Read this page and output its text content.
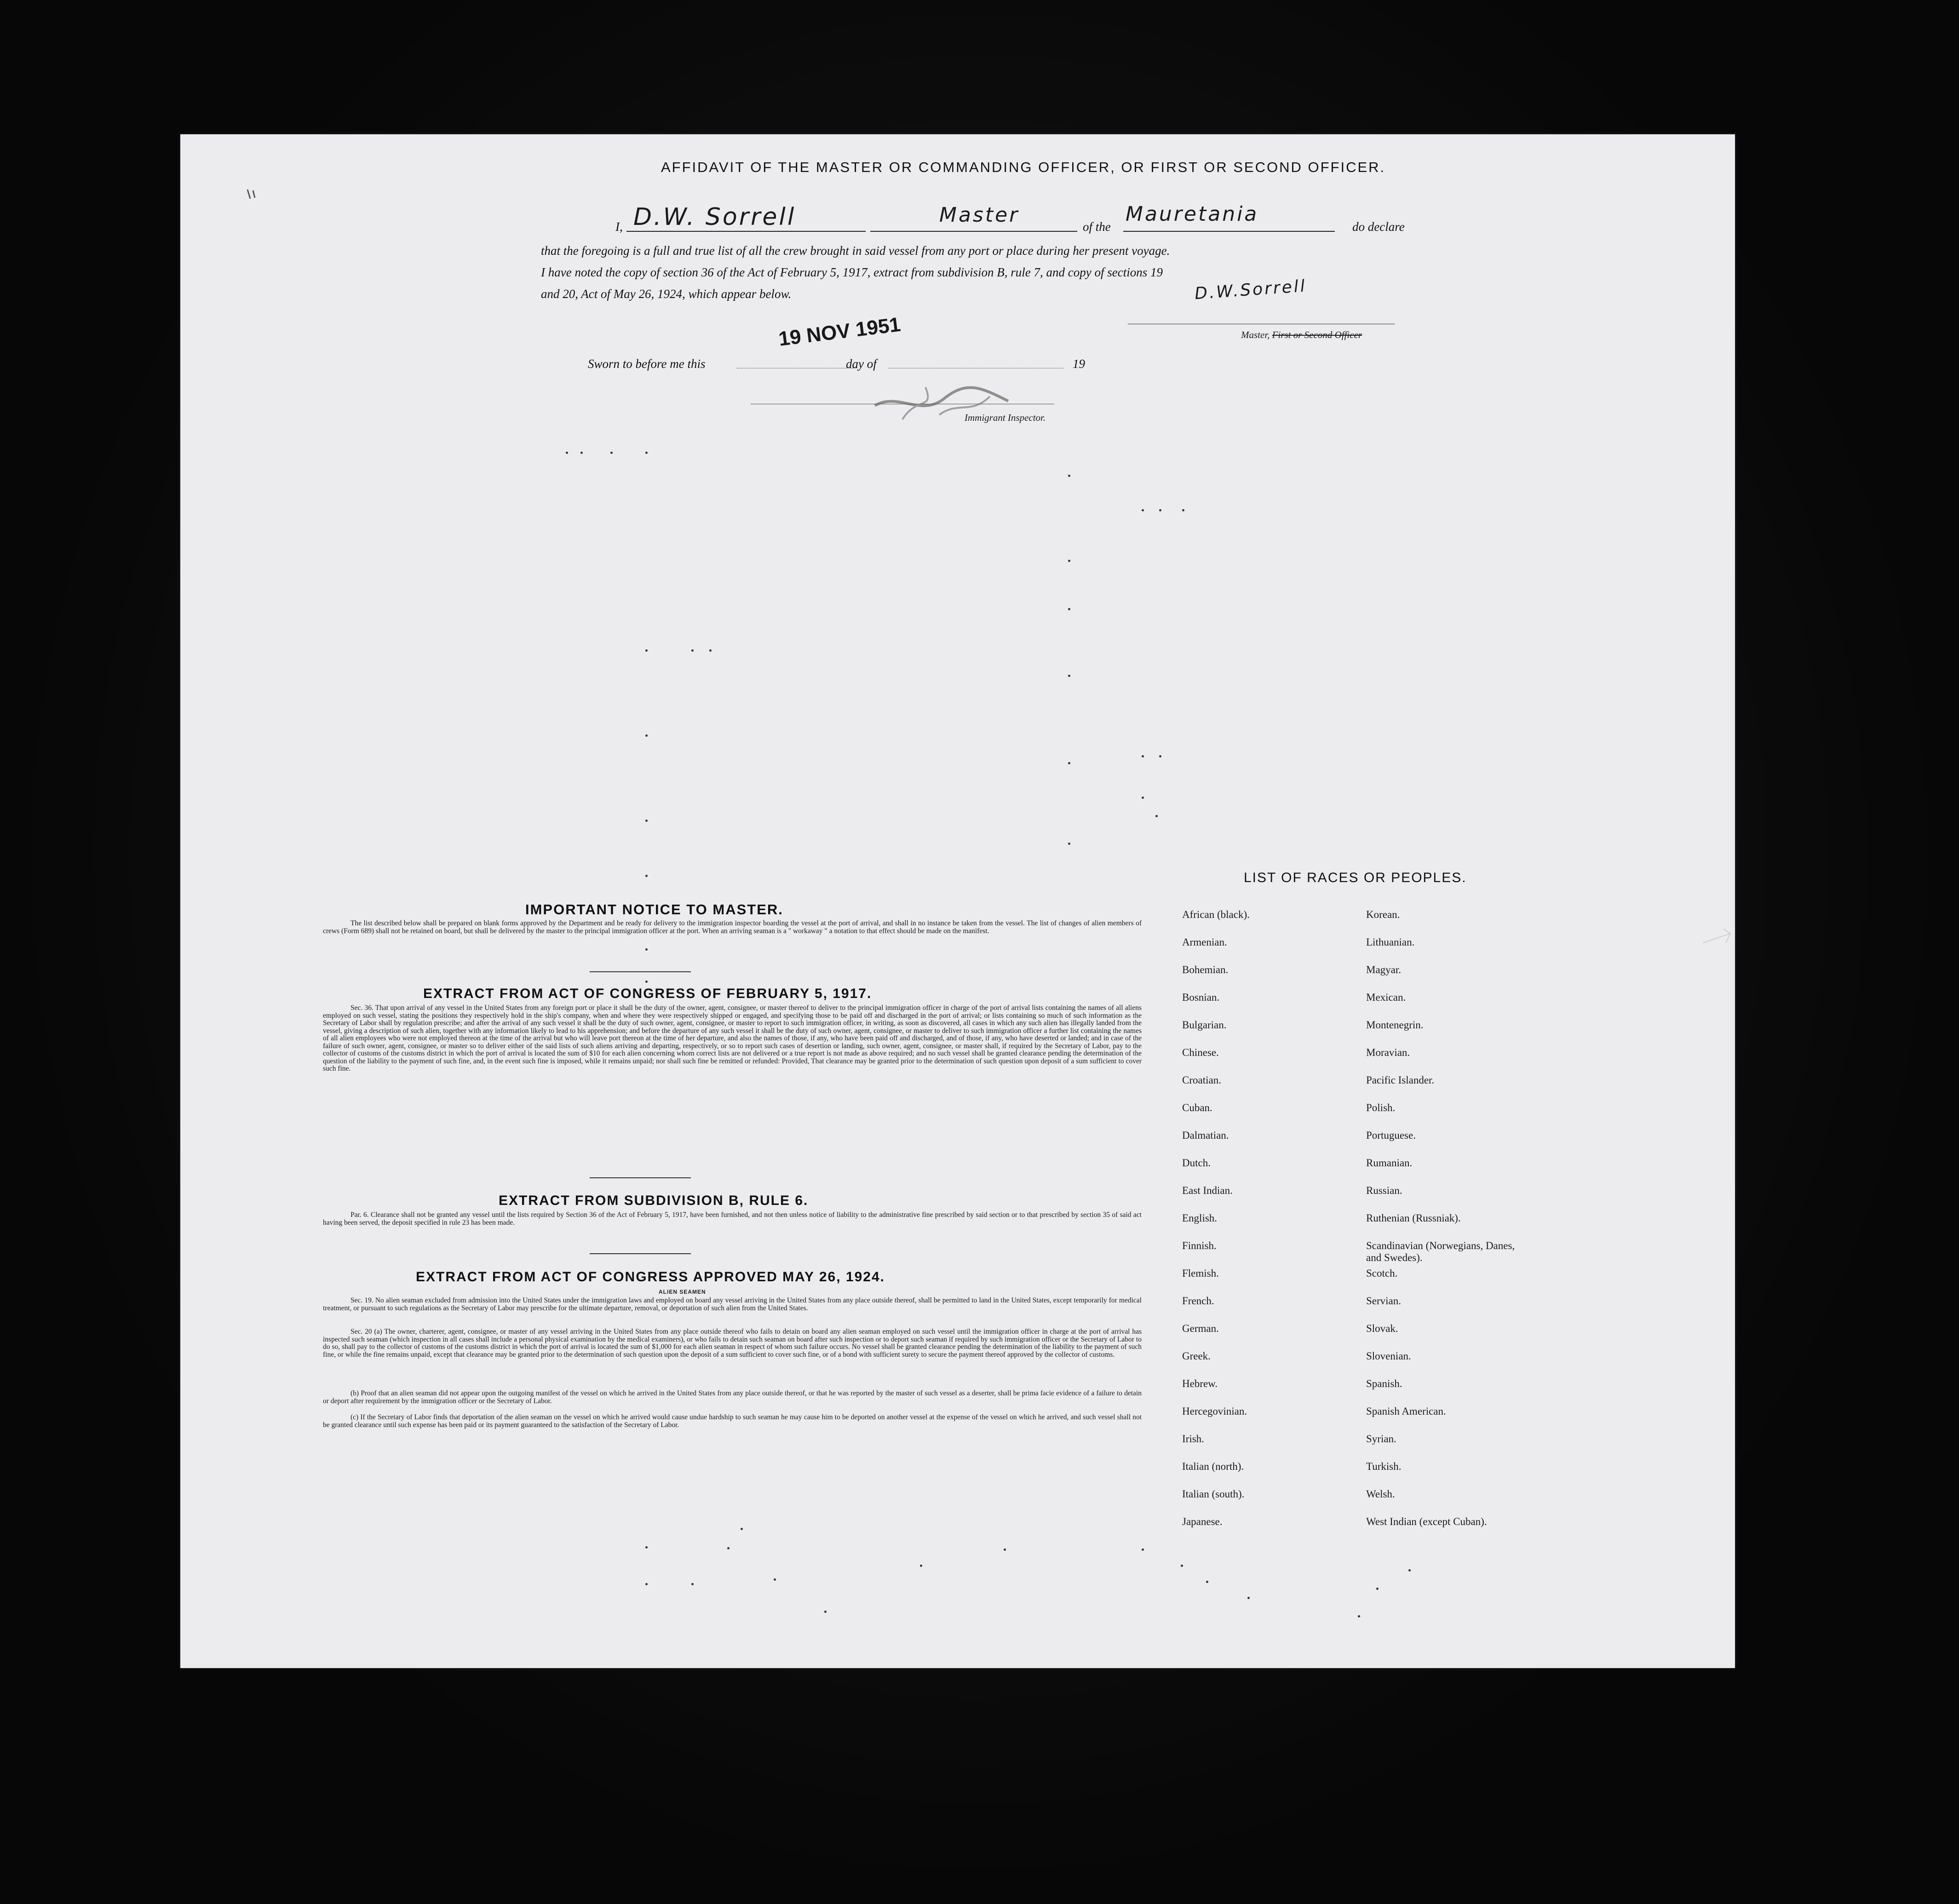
AFFIDAVIT OF THE MASTER OR COMMANDING OFFICER, OR FIRST OR SECOND OFFICER.
I, D.W. Sorrell	Master	of the
Mauretania
do declare
that the foregoing is a full and true list of all the crew brought in said vessel from any port or place during her present voyage.
I have noted the copy of section 36 of the Act of February 5, 1917, extract from subdivision B, rule 7, and copy of sections 19
and 20, Act of May 26, 1924, which appear below.	D.W.Sorrell
Master, First or Second Officer
19 NOV 1951
Sworn to before me this	day of	19
Immigrant Inspector.
IMPORTANT NOTICE TO MASTER.
The list described below shall be prepared on blank forms approved by the Department and be ready for delivery to the immigration inspector boarding the vessel at the port of arrival, and shall in no instance be taken from the vessel. The list of changes of alien members of crews (Form 689) shall not be retained on board, but shall be delivered by the master to the principal immigration officer at the port. When an arriving seaman is a " workaway " a notation to that effect should be made on the manifest.
EXTRACT FROM ACT OF CONGRESS OF FEBRUARY 5, 1917.
Sec. 36. That upon arrival of any vessel in the United States from any foreign port or place it shall be the duty of the owner, agent, consignee, or master thereof to deliver to the principal immigration officer in charge of the port of arrival lists containing the names of all aliens employed on such vessel, stating the positions they respectively hold in the ship's company, when and where they were respectively shipped or engaged, and specifying those to be paid off and discharged in the port of arrival; or lists containing so much of such information as the Secretary of Labor shall by regulation prescribe; and after the arrival of any such vessel it shall be the duty of such owner, agent, consignee, or master to report to such immigration officer, in writing, as soon as discovered, all cases in which any such alien has illegally landed from the vessel, giving a description of such alien, together with any information likely to lead to his apprehension; and before the departure of any such vessel it shall be the duty of such owner, agent, consignee, or master to deliver to such immigration officer a further list containing the names of all alien employees who were not employed thereon at the time of the arrival but who will leave port thereon at the time of her departure, and also the names of those, if any, who have been paid off and discharged, and of those, if any, who have deserted or landed; and in case of the failure of such owner, agent, consignee, or master so to deliver either of the said lists of such aliens arriving and departing, respectively, or so to report such cases of desertion or landing, such owner, agent, consignee, or master shall, if required by the Secretary of Labor, pay to the collector of customs of the customs district in which the port of arrival is located the sum of $10 for each alien concerning whom correct lists are not delivered or a true report is not made as above required; and no such vessel shall be granted clearance pending the determination of the question of the liability to the payment of such fine, and, in the event such fine is imposed, while it remains unpaid; nor shall such fine be remitted or refunded: Provided, That clearance may be granted prior to the determination of such question upon deposit of a sum sufficient to cover such fine.
EXTRACT FROM SUBDIVISION B, RULE 6.
Par. 6. Clearance shall not be granted any vessel until the lists required by Section 36 of the Act of February 5, 1917, have been furnished, and not then unless notice of liability to the administrative fine prescribed by said section or to that prescribed by section 35 of said act having been served, the deposit specified in rule 23 has been made.
EXTRACT FROM ACT OF CONGRESS APPROVED MAY 26, 1924.
ALIEN SEAMEN
Sec. 19. No alien seaman excluded from admission into the United States under the immigration laws and employed on board any vessel arriving in the United States from any place outside thereof, shall be permitted to land in the United States, except temporarily for medical treatment, or pursuant to such regulations as the Secretary of Labor may prescribe for the ultimate departure, removal, or deportation of such alien from the United States.
Sec. 20 (a) The owner, charterer, agent, consignee, or master of any vessel arriving in the United States from any place outside thereof who fails to detain on board any alien seaman employed on such vessel until the immigration officer in charge at the port of arrival has inspected such seaman (which inspection in all cases shall include a personal physical examination by the medical examiners), or who fails to detain such seaman on board after such inspection or to deport such seaman if required by such immigration officer or the Secretary of Labor to do so, shall pay to the collector of customs of the customs district in which the port of arrival is located the sum of $1,000 for each alien seaman in respect of whom such failure occurs. No vessel shall be granted clearance pending the determination of the liability to the payment of such fine, or while the fine remains unpaid, except that clearance may be granted prior to the determination of such question upon the deposit of a sum sufficient to cover such fine, or of a bond with sufficient surety to secure the payment thereof approved by the collector of customs.
(b) Proof that an alien seaman did not appear upon the outgoing manifest of the vessel on which he arrived in the United States from any place outside thereof, or that he was reported by the master of such vessel as a deserter, shall be prima facie evidence of a failure to detain or deport after requirement by the immigration officer or the Secretary of Labor.
(c) If the Secretary of Labor finds that deportation of the alien seaman on the vessel on which he arrived would cause undue hardship to such seaman he may cause him to be deported on another vessel at the expense of the vessel on which he arrived, and such vessel shall not be granted clearance until such expense has been paid or its payment guaranteed to the satisfaction of the Secretary of Labor.
LIST OF RACES OR PEOPLES.
African (black).
Armenian.
Bohemian.
Bosnian.
Bulgarian.
Chinese.
Croatian.
Cuban.
Dalmatian.
Dutch.
East Indian.
English.
Finnish.
Flemish.
French.
German.
Greek.
Hebrew.
Hercegovinian.
Irish.
Italian (north).
Italian (south).
Japanese.
Korean.
Lithuanian.
Magyar.
Mexican.
Montenegrin.
Moravian.
Pacific Islander.
Polish.
Portuguese.
Rumanian.
Russian.
Ruthenian (Russniak).
Scandinavian (Norwegians, Danes, and Swedes).
Scotch.
Servian.
Slovak.
Slovenian.
Spanish.
Spanish American.
Syrian.
Turkish.
Welsh.
West Indian (except Cuban).
